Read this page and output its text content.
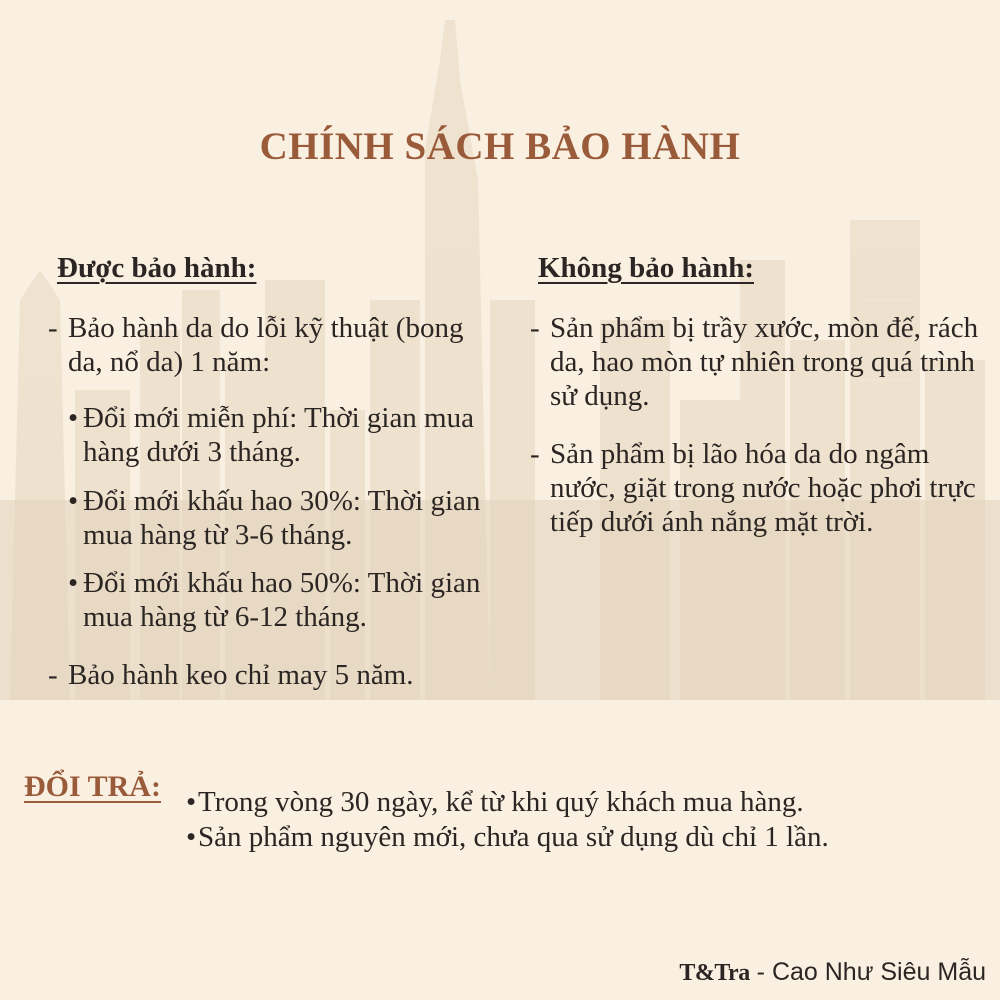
CHÍNH SÁCH BẢO HÀNH
Được bảo hành:
- Bảo hành da do lỗi kỹ thuật (bong da, nổ da) 1 năm:
• Đổi mới miễn phí: Thời gian mua hàng dưới 3 tháng.
• Đổi mới khấu hao 30%: Thời gian mua hàng từ 3-6 tháng.
• Đổi mới khấu hao 50%: Thời gian mua hàng từ 6-12 tháng.
- Bảo hành keo chỉ may 5 năm.
Không bảo hành:
- Sản phẩm bị trầy xước, mòn đế, rách da, hao mòn tự nhiên trong quá trình sử dụng.
- Sản phẩm bị lão hóa da do ngâm nước, giặt trong nước hoặc phơi trực tiếp dưới ánh nắng mặt trời.
ĐỔI TRẢ: • Trong vòng 30 ngày, kể từ khi quý khách mua hàng.
• Sản phẩm nguyên mới, chưa qua sử dụng dù chỉ 1 lần.
T&Tra - Cao Như Siêu Mẫu
